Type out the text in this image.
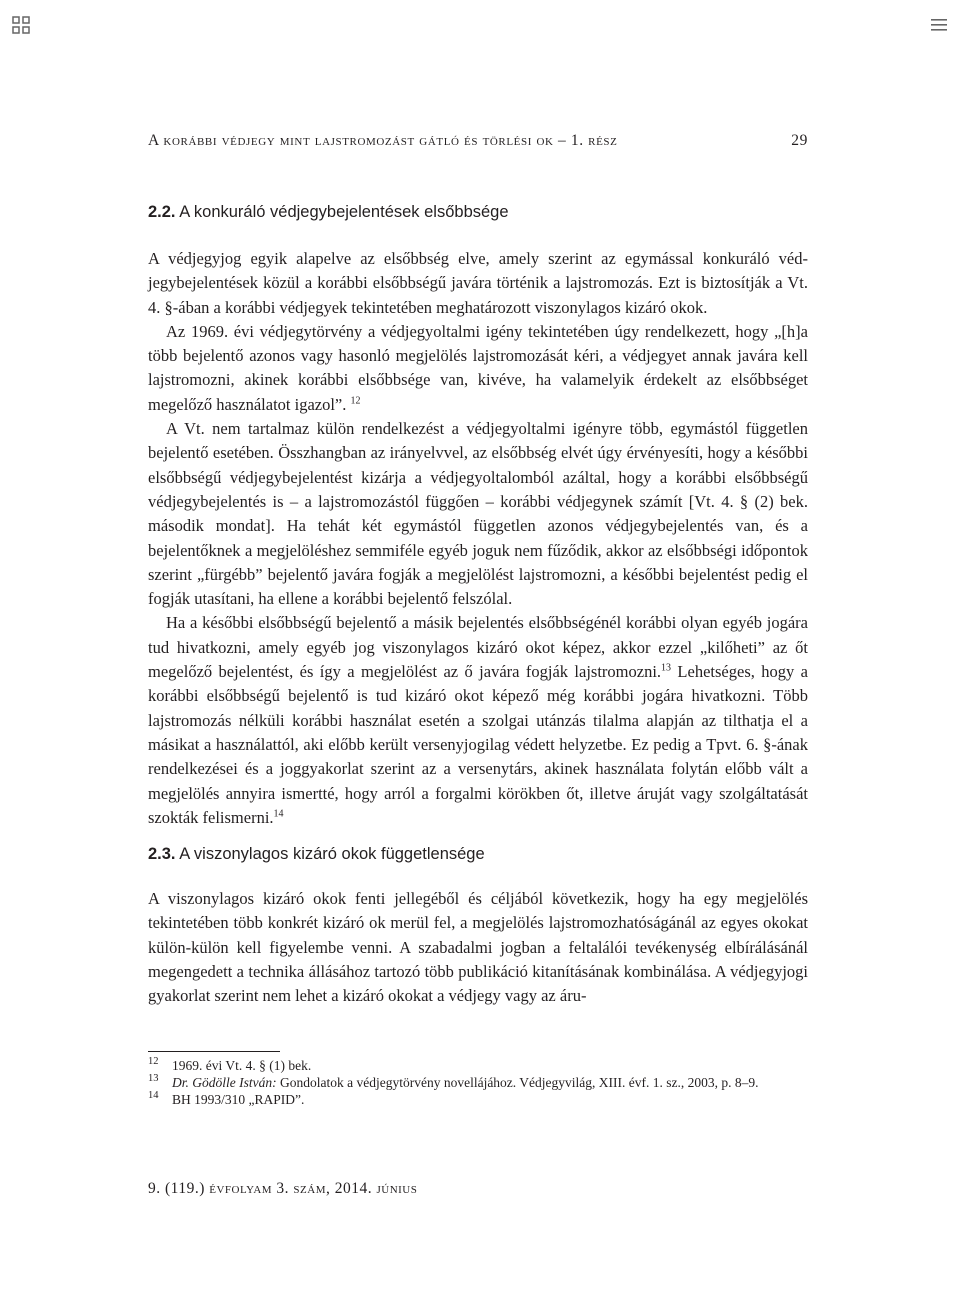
A korábbi védjegy mint lajstromozást gátló és törlési ok – 1. rész	29
2.2. A konkuráló védjegybejelentések elsőbbsége

A védjegyjog egyik alapelve az elsőbbség elve, amely szerint az egymással konkuráló védjegybejelentések közül a korábbi elsőbbségű javára történik a lajstromozás. Ezt is biztosítják a Vt. 4. §-ában a korábbi védjegyek tekintetében meghatározott viszonylagos kizáró okok.

Az 1969. évi védjegytörvény a védjegyoltalmi igény tekintetében úgy rendelkezett, hogy „[h]a több bejelentő azonos vagy hasonló megjelölés lajstromozását kéri, a védjegyet annak javára kell lajstromozni, akinek korábbi elsőbbsége van, kivéve, ha valamelyik érdekelt az elsőbbséget megelőző használatot igazol”. $^{12}$

A Vt. nem tartalmaz külön rendelkezést a védjegyoltalmi igényre több, egymástól független bejelentő esetében. Összhangban az irányelvvel, az elsőbbség elvét úgy érvényesíti, hogy a későbbi elsőbbségű védjegybejelentést kizárja a védjegyoltalomból azáltal, hogy a korábbi elsőbbségű védjegybejelentés is – a lajstromozástól függően – korábbi védjegynek számít [Vt. 4. § (2) bek. második mondat]. Ha tehát két egymástól független azonos védjegybejelentés van, és a bejelentőknek a megjelöléshez semmiféle egyéb joguk nem fűződik, akkor az elsőbbségi időpontok szerint „fürgébb” bejelentő javára fogják a megjelölést lajstromozni, a későbbi bejelentést pedig el fogják utasítani, ha ellene a korábbi bejelentő felszólal.

Ha a későbbi elsőbbségű bejelentő a másik bejelentés elsőbbségénél korábbi olyan egyéb jogára tud hivatkozni, amely egyéb jog viszonylagos kizáró okot képez, akkor ezzel „kilőheti” az őt megelőző bejelentést, és így a megjelölést az ő javára fogják lajstromozni.$^{13}$ Lehetséges, hogy a korábbi elsőbbségű bejelentő is tud kizáró okot képező még korábbi jogára hivatkozni. Több lajstromozás nélküli korábbi használat esetén a szolgai utánzás tilalma alapján az tilthatja el a másikat a használattól, aki előbb került versenyjogilag védett helyzetbe. Ez pedig a Tpvt. 6. §-ának rendelkezései és a joggyakorlat szerint az a versenytárs, akinek használata folytán előbb vált a megjelölés annyira ismertté, hogy arról a forgalmi körökben őt, illetve áruját vagy szolgáltatását szokták felismerni.$^{14}$

2.3. A viszonylagos kizáró okok függetlensége

A viszonylagos kizáró okok fenti jellegéből és céljából következik, hogy ha egy megjelölés tekintetében több konkrét kizáró ok merül fel, a megjelölés lajstromozhatóságánál az egyes okokat külön-külön kell figyelembe venni. A szabadalmi jogban a feltalálói tevékenység elbírálásánál megengedett a technika állásához tartozó több publikáció kitanításának kombinálása. A védjegyjogi gyakorlat szerint nem lehet a kizáró okokat a védjegy vagy az áru-

12 1969. évi Vt. 4. § (1) bek.
13 Dr. Gödölle István: Gondolatok a védjegytörvény novellájához. Védjegyvilág, XIII. évf. 1. sz., 2003, p. 8–9.
14 BH 1993/310 „RAPID”.
9. (119.) évfolyam 3. szám, 2014. június
